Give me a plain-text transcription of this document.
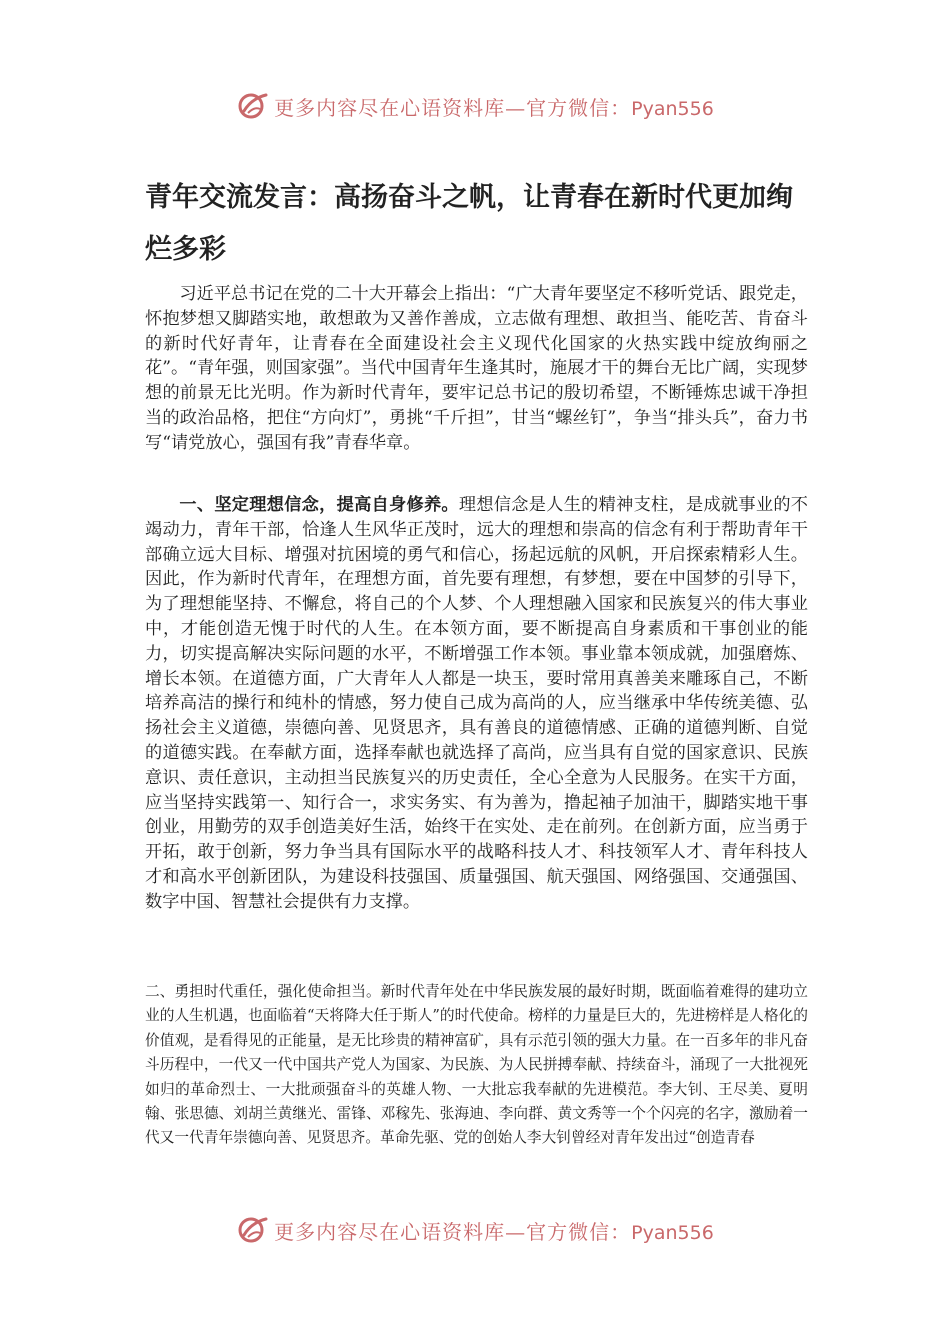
更多内容尽在心语资料库—官方微信：Pyan556
青年交流发言：高扬奋斗之帆，让青春在新时代更加绚烂多彩

习近平总书记在党的二十大开幕会上指出：“广大青年要坚定不移听党话、跟党走，怀抱梦想又脚踏实地，敢想敢为又善作善成，立志做有理想、敢担当、能吃苦、肯奋斗的新时代好青年，让青春在全面建设社会主义现代化国家的火热实践中绽放绚丽之花”。“青年强，则国家强”。当代中国青年生逢其时，施展才干的舞台无比广阔，实现梦想的前景无比光明。作为新时代青年，要牢记总书记的殷切希望，不断锤炼忠诚干净担当的政治品格，把住“方向灯”，勇挑“千斤担”，甘当“螺丝钉”，争当“排头兵”，奋力书写“请党放心，强国有我”青春华章。

一、坚定理想信念，提高自身修养。理想信念是人生的精神支柱，是成就事业的不竭动力，青年干部，恰逢人生风华正茂时，远大的理想和崇高的信念有利于帮助青年干部确立远大目标、增强对抗困境的勇气和信心，扬起远航的风帆，开启探索精彩人生。因此，作为新时代青年，在理想方面，首先要有理想，有梦想，要在中国梦的引导下，为了理想能坚持、不懈怠，将自己的个人梦、个人理想融入国家和民族复兴的伟大事业中，才能创造无愧于时代的人生。在本领方面，要不断提高自身素质和干事创业的能力，切实提高解决实际问题的水平，不断增强工作本领。事业靠本领成就，加强磨炼、增长本领。在道德方面，广大青年人人都是一块玉，要时常用真善美来雕琢自己，不断培养高洁的操行和纯朴的情感，努力使自己成为高尚的人，应当继承中华传统美德、弘扬社会主义道德，崇德向善、见贤思齐，具有善良的道德情感、正确的道德判断、自觉的道德实践。在奉献方面，选择奉献也就选择了高尚，应当具有自觉的国家意识、民族意识、责任意识，主动担当民族复兴的历史责任，全心全意为人民服务。在实干方面，应当坚持实践第一、知行合一，求实务实、有为善为，撸起袖子加油干，脚踏实地干事创业，用勤劳的双手创造美好生活，始终干在实处、走在前列。在创新方面，应当勇于开拓，敢于创新，努力争当具有国际水平的战略科技人才、科技领军人才、青年科技人才和高水平创新团队，为建设科技强国、质量强国、航天强国、网络强国、交通强国、数字中国、智慧社会提供有力支撑。

二、勇担时代重任，强化使命担当。新时代青年处在中华民族发展的最好时期，既面临着难得的建功立业的人生机遇，也面临着“天将降大任于斯人”的时代使命。榜样的力量是巨大的，先进榜样是人格化的价值观，是看得见的正能量，是无比珍贵的精神富矿，具有示范引领的强大力量。在一百多年的非凡奋斗历程中，一代又一代中国共产党人为国家、为民族、为人民拼搏奉献、持续奋斗，涌现了一大批视死如归的革命烈士、一大批顽强奋斗的英雄人物、一大批忘我奉献的先进模范。李大钊、王尽美、夏明翰、张思德、刘胡兰黄继光、雷锋、邓稼先、张海迪、李向群、黄文秀等一个个闪亮的名字，激励着一代又一代青年崇德向善、见贤思齐。革命先驱、党的创始人李大钊曾经对青年发出过“创造青春

更多内容尽在心语资料库—官方微信：Pyan556
